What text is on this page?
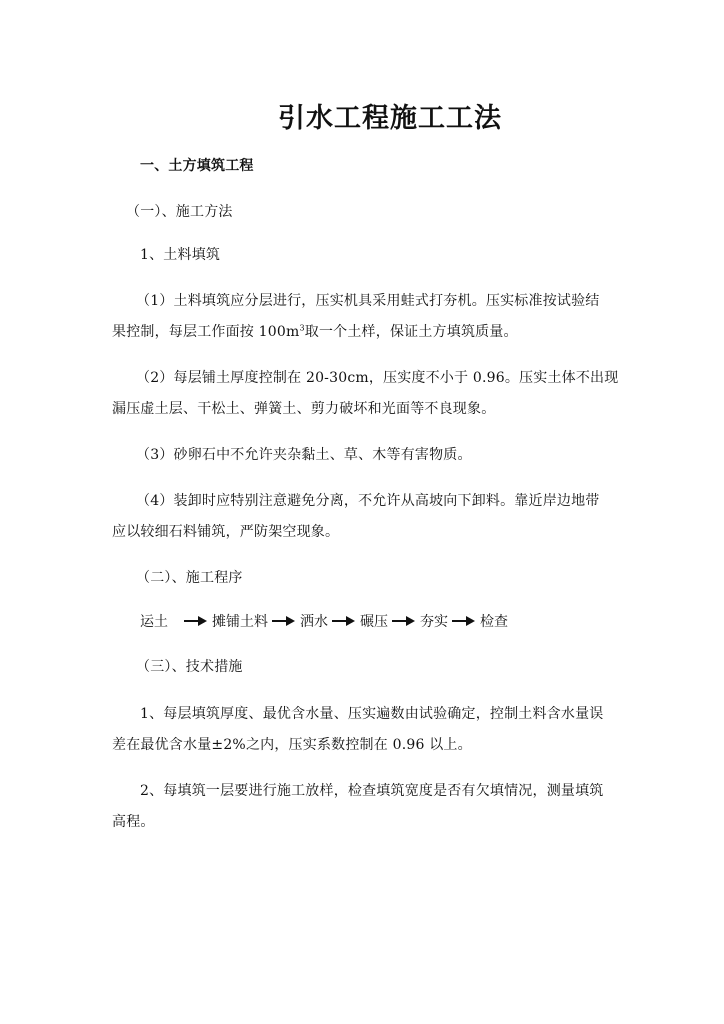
引水工程施工工法
一、土方填筑工程
（一）、施工方法
1、土料填筑
（1）土料填筑应分层进行，压实机具采用蛙式打夯机。压实标准按试验结
果控制，每层工作面按 $100m^3$取一个土样，保证土方填筑质量。
（2）每层铺土厚度控制在 20-30cm，压实度不小于 0.96。压实土体不出现
漏压虚土层、干松土、弹簧土、剪力破坏和光面等不良现象。
（3）砂卵石中不允许夹杂黏土、草、木等有害物质。
（4）装卸时应特别注意避免分离，不允许从高坡向下卸料。靠近岸边地带
应以较细石料铺筑，严防架空现象。
（二）、施工程序
运土	摊铺土料 洒水 碾压 夯实 检查
（三）、技术措施
1、每层填筑厚度、最优含水量、压实遍数由试验确定，控制土料含水量误
差在最优含水量±2%之内，压实系数控制在 0.96 以上。
2、每填筑一层要进行施工放样，检查填筑宽度是否有欠填情况，测量填筑
高程。
